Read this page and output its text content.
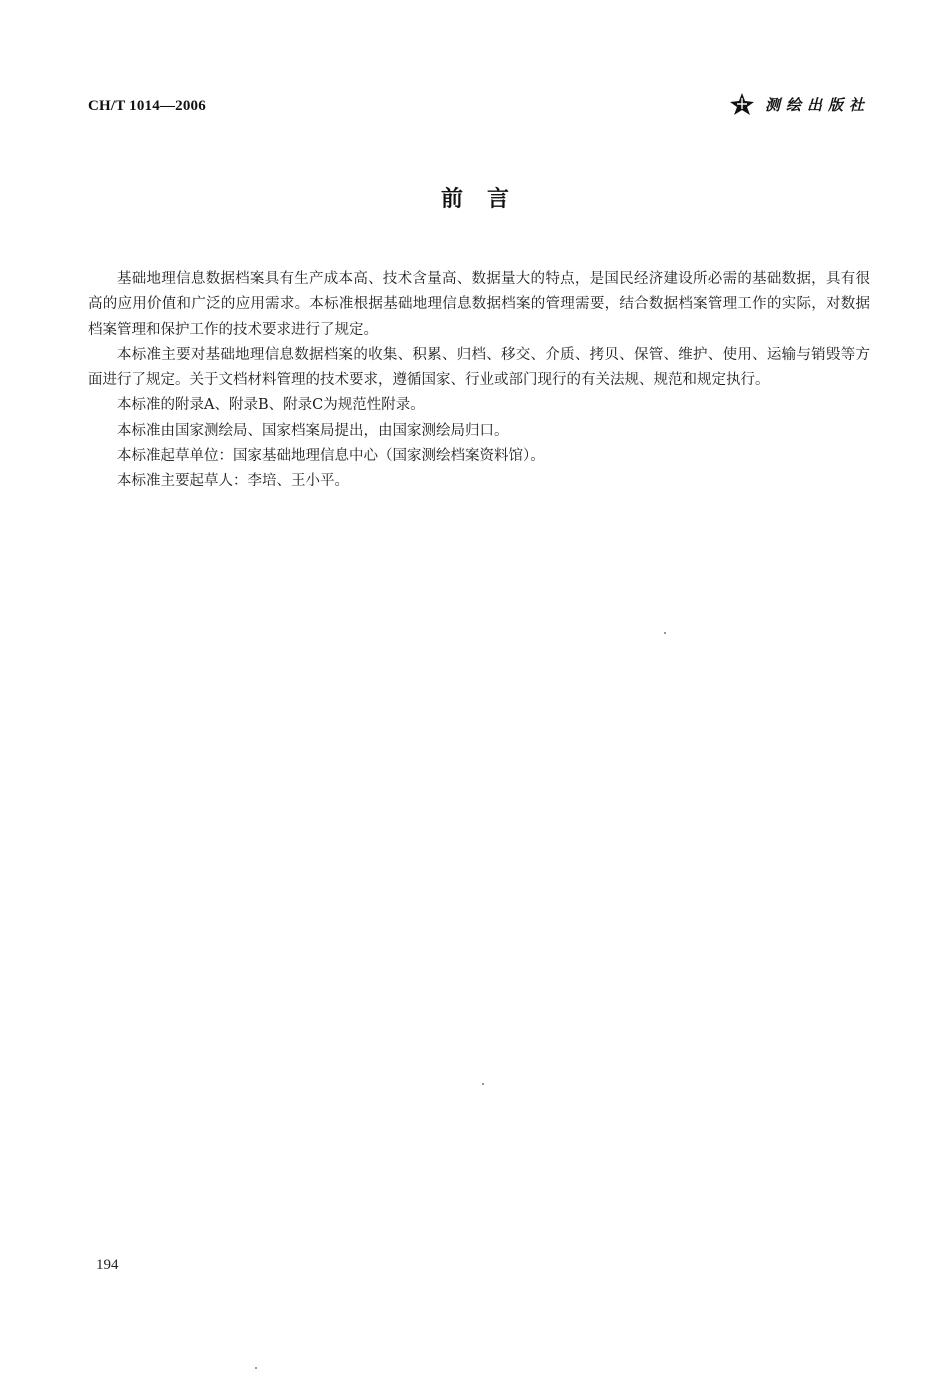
CH/T 1014—2006	测绘出版社
前言

基础地理信息数据档案具有生产成本高、技术含量高、数据量大的特点，是国民经济建设所必需的基础数据，具有很高的应用价值和广泛的应用需求。本标准根据基础地理信息数据档案的管理需要，结合数据档案管理工作的实际，对数据档案管理和保护工作的技术要求进行了规定。

本标准主要对基础地理信息数据档案的收集、积累、归档、移交、介质、拷贝、保管、维护、使用、运输与销毁等方面进行了规定。关于文档材料管理的技术要求，遵循国家、行业或部门现行的有关法规、规范和规定执行。

本标准的附录A、附录B、附录C为规范性附录。

本标准由国家测绘局、国家档案局提出，由国家测绘局归口。

本标准起草单位：国家基础地理信息中心（国家测绘档案资料馆）。

本标准主要起草人：李培、王小平。

194
